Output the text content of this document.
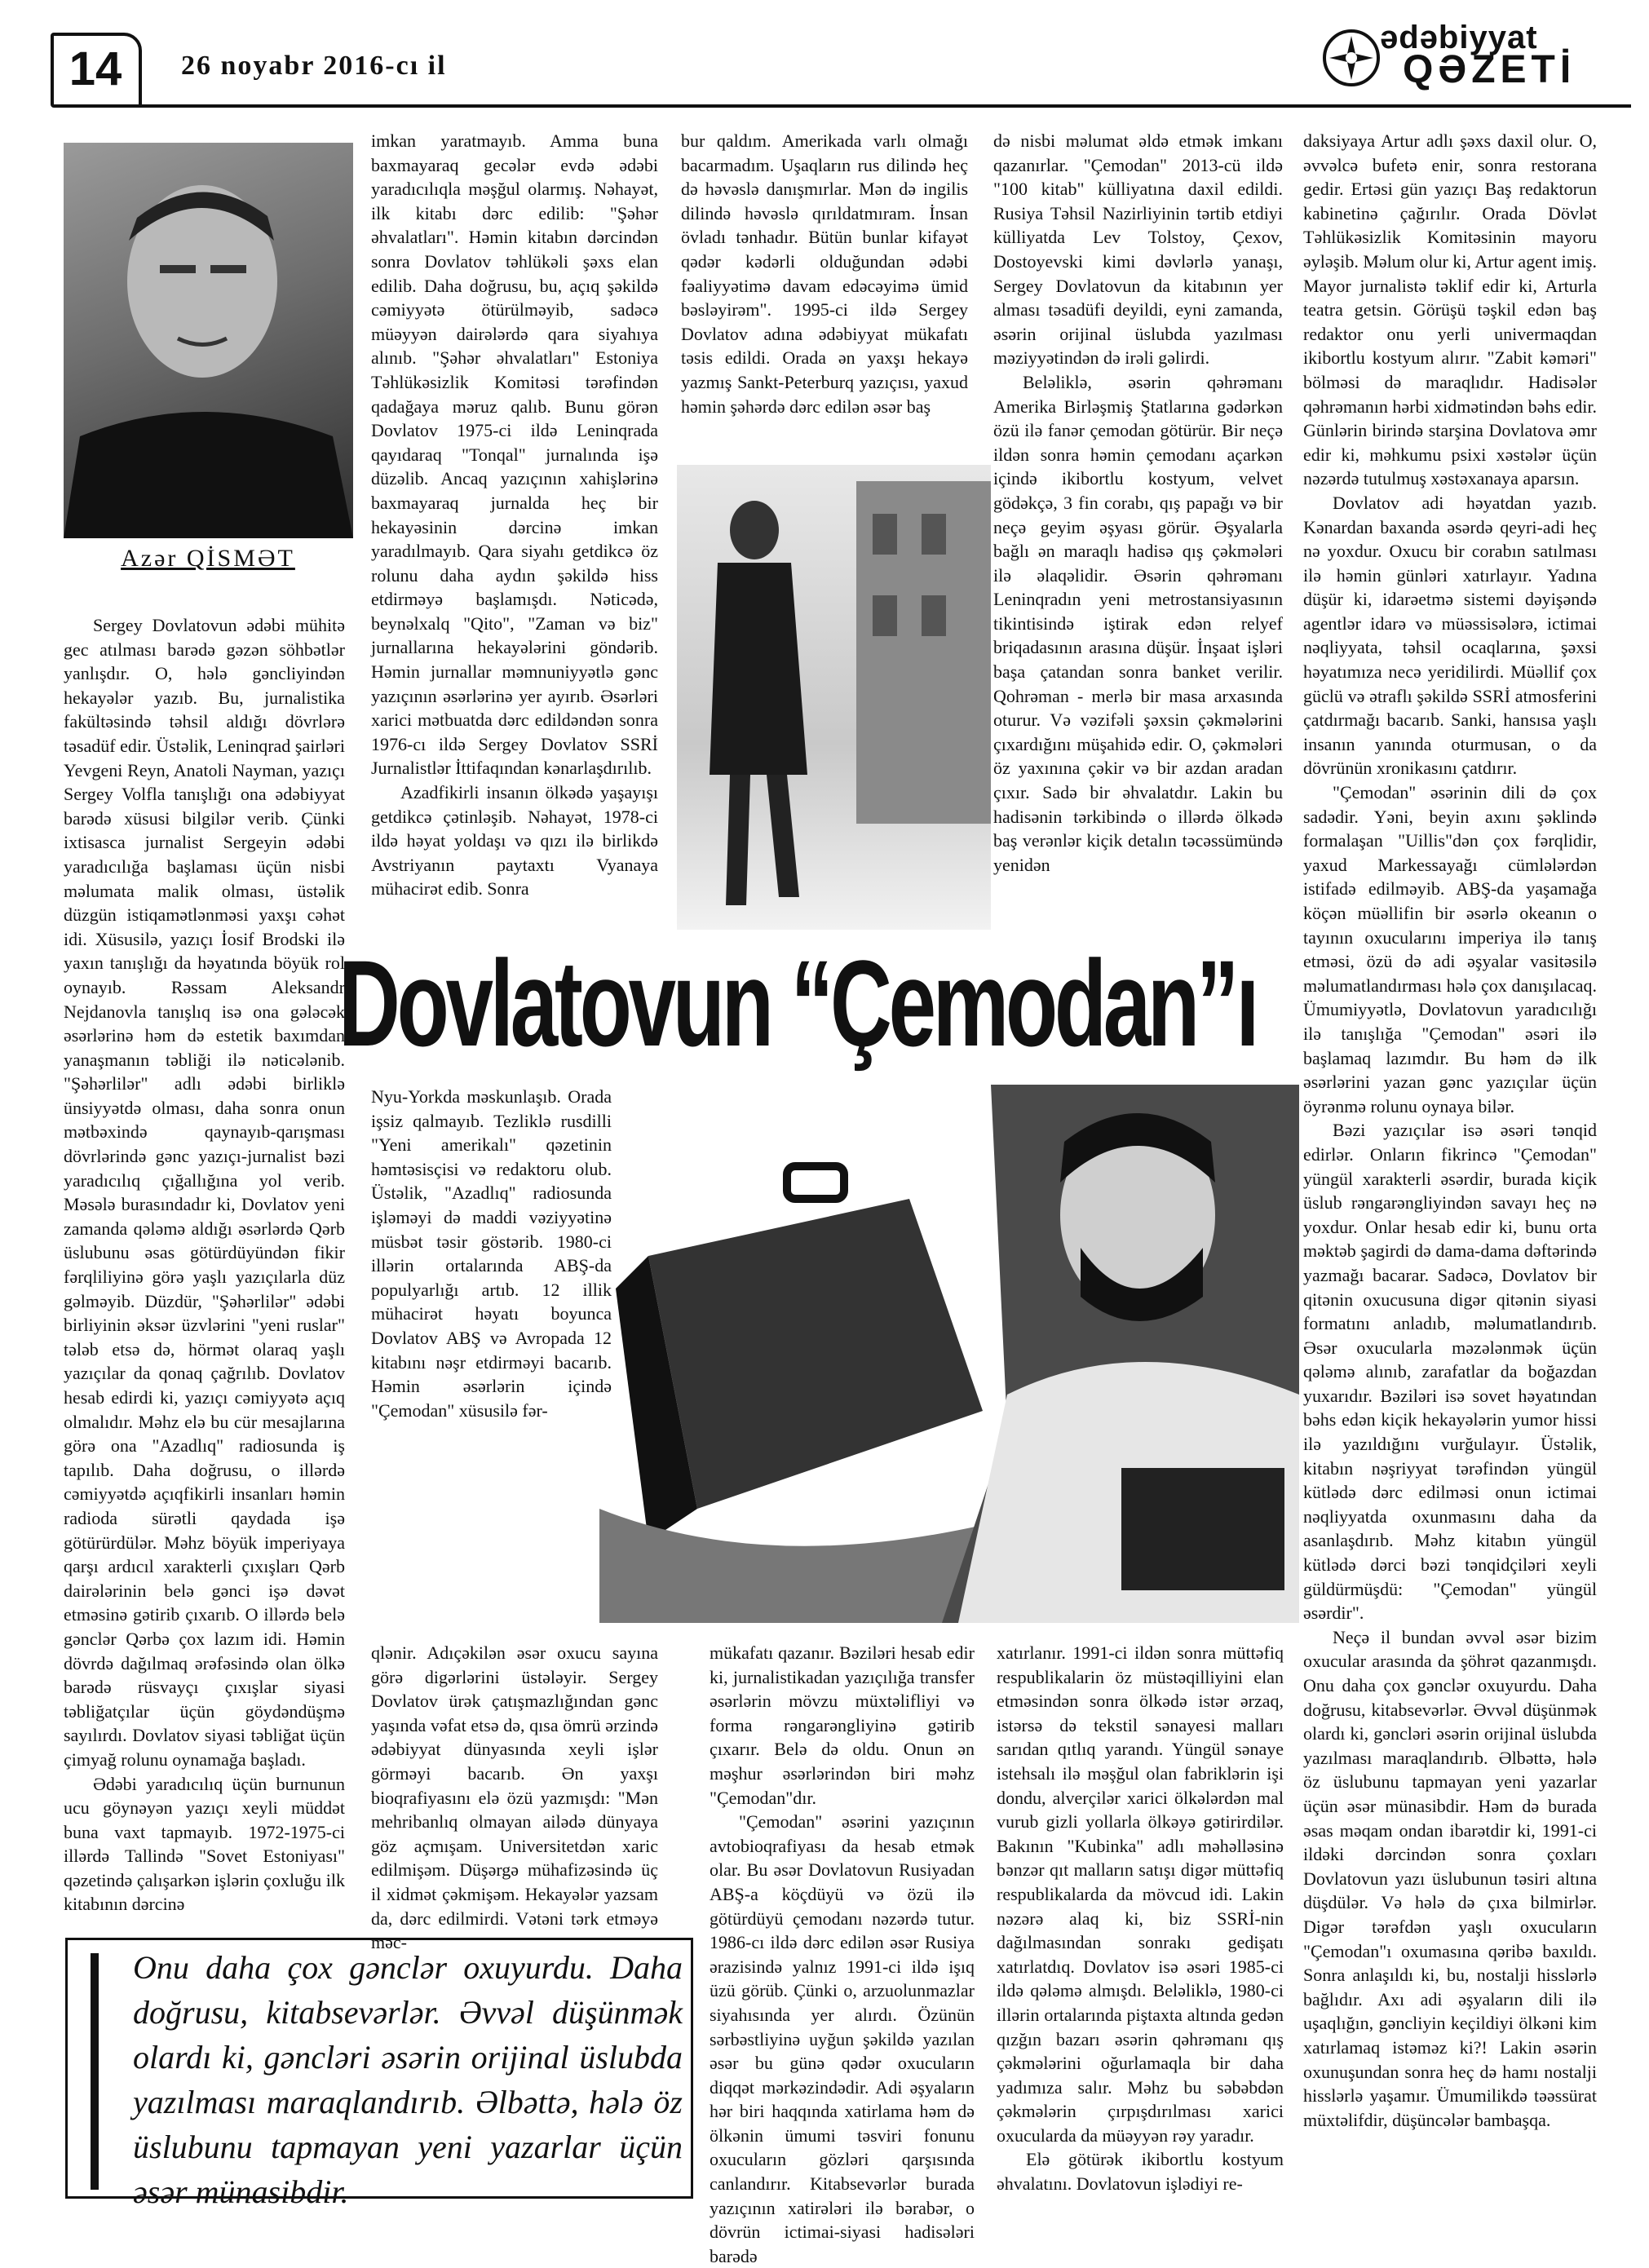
14	26 noyabr 2016-cı il
ədəbiyyat
QƏZETİ
Azər QİSMƏT
Dovlatovun “Çemodan”ı

Sergey Dovlatovun ədəbi mühitə gec atılması barədə gəzən söhbətlər yanlışdır. O, hələ gəncliyindən hekayələr yazıb. Bu, jurnalistika fakültəsində təhsil aldığı dövrlərə təsadüf edir. Üstəlik, Leninqrad şairləri Yevgeni Reyn, Anatoli Nayman, yazıçı Sergey Volfla tanışlığı ona ədəbiyyat barədə xüsusi bilgilər verib. Çünki ixtisasca jurnalist Sergeyin ədəbi yaradıcılığa başlaması üçün nisbi məlumata malik olması, üstəlik düzgün istiqamətlənməsi yaxşı cəhət idi. Xüsusilə, yazıçı İosif Brodski ilə yaxın tanışlığı da həyatında böyük rol oynayıb. Rəssam Aleksandr Nejdanovla tanışlıq isə ona gələcək əsərlərinə həm də estetik baxımdan yanaşmanın təbliği ilə nəticələnib. "Şəhərlilər" adlı ədəbi birliklə ünsiyyətdə olması, daha sonra onun mətbəxində qaynayıb-qarışması dövrlərində gənc yazıçı-jurnalist bəzi yaradıcılıq çığallığına yol verib. Məsələ burasındadır ki, Dovlatov yeni zamanda qələmə aldığı əsərlərdə Qərb üslubunu əsas götürdüyündən fikir fərqliliyinə görə yaşlı yazıçılarla düz gəlməyib. Düzdür, "Şəhərlilər" ədəbi birliyinin əksər üzvlərini "yeni ruslar" tələb etsə də, hörmət olaraq yaşlı yazıçılar da qonaq çağrılıb. Dovlatov hesab edirdi ki, yazıçı cəmiyyətə açıq olmalıdır. Məhz elə bu cür mesajlarına görə ona "Azadlıq" radiosunda iş tapılıb. Daha doğrusu, o illərdə cəmiyyətdə açıqfikirli insanları həmin radioda sürətli qaydada işə götürürdülər. Məhz böyük imperiyaya qarşı ardıcıl xarakterli çıxışları Qərb dairələrinin belə gənci işə dəvət etməsinə gətirib çıxarıb. O illərdə belə gənclər Qərbə çox lazım idi. Həmin dövrdə dağılmaq ərəfəsində olan ölkə barədə rüsvayçı çıxışlar siyasi təbliğatçılar üçün göydəndüşmə sayılırdı. Dovlatov siyasi təbliğat üçün çimyağ rolunu oynamağa başladı.

Ədəbi yaradıcılıq üçün burnunun ucu göynəyən yazıçı xeyli müddət buna vaxt tapmayıb. 1972-1975-ci illərdə Tallində "Sovet Estoniyası" qəzetində çalışarkən işlərin çoxluğu ilk kitabının dərcinə

imkan yaratmayıb. Amma buna baxmayaraq gecələr evdə ədəbi yaradıcılıqla məşğul olarmış. Nəhayət, ilk kitabı dərc edilib: "Şəhər əhvalatları". Həmin kitabın dərcindən sonra Dovlatov təhlükəli şəxs elan edilib. Daha doğrusu, bu, açıq şəkildə cəmiyyətə ötürülməyib, sadəcə müəyyən dairələrdə qara siyahıya alınıb. "Şəhər əhvalatları" Estoniya Təhlükəsizlik Komitəsi tərəfindən qadağaya məruz qalıb. Bunu görən Dovlatov 1975-ci ildə Leninqrada qayıdaraq "Tonqal" jurnalında işə düzəlib. Ancaq yazıçının xahişlərinə baxmayaraq jurnalda heç bir hekayəsinin dərcinə imkan yaradılmayıb. Qara siyahı getdikcə öz rolunu daha aydın şəkildə hiss etdirməyə başlamışdı. Nəticədə, beynəlxalq "Qito", "Zaman və biz" jurnallarına hekayələrini göndərib. Həmin jurnallar məmnuniyyətlə gənc yazıçının əsərlərinə yer ayırıb. Əsərləri xarici mətbuatda dərc edildəndən sonra 1976-cı ildə Sergey Dovlatov SSRİ Jurnalistlər İttifaqından kənarlaşdırılıb.

Azadfikirli insanın ölkədə yaşayışı getdikcə çətinləşib. Nəhayət, 1978-ci ildə həyat yoldaşı və qızı ilə birlikdə Avstriyanın paytaxtı Vyanaya mühacirət edib. Sonra

bur qaldım. Amerikada varlı olmağı bacarmadım. Uşaqların rus dilində heç də həvəslə danışmırlar. Mən də ingilis dilində həvəslə qırıldatmıram. İnsan övladı tənhadır. Bütün bunlar kifayət qədər kədərli olduğundan ədəbi fəaliyyətimə davam edəcəyimə ümid bəsləyirəm". 1995-ci ildə Sergey Dovlatov adına ədəbiyyat mükafatı təsis edildi. Orada ən yaxşı hekayə yazmış Sankt-Peterburq yazıçısı, yaxud həmin şəhərdə dərc edilən əsər baş

də nisbi məlumat əldə etmək imkanı qazanırlar. "Çemodan" 2013-cü ildə "100 kitab" külliyatına daxil edildi. Rusiya Təhsil Nazirliyinin tərtib etdiyi külliyatda Lev Tolstoy, Çexov, Dostoyevski kimi dəvlərlə yanaşı, Sergey Dovlatovun da kitabının yer alması təsadüfi deyildi, eyni zamanda, əsərin orijinal üslubda yazılması məziyyətindən də irəli gəlirdi.

Beləliklə, əsərin qəhrəmanı Amerika Birləşmiş Ştatlarına gədərkən özü ilə fanər çemodan götürür. Bir neçə ildən sonra həmin çemodanı açarkən içində ikibortlu kostyum, velvet gödəkçə, 3 fin corabı, qış papağı və bir neçə geyim əşyası görür. Əşyalarla bağlı ən maraqlı hadisə qış çəkmələri ilə əlaqəlidir. Əsərin qəhrəmanı Leninqradın yeni metrostansiyasının tikintisində iştirak edən relyef briqadasının arasına düşür. İnşaat işləri başa çatandan sonra banket verilir. Qohrəman - merlə bir masa arxasında oturur. Və vəzifəli şəxsin çəkmələrini çıxardığını müşahidə edir. O, çəkmələri öz yaxınına çəkir və bir azdan aradan çıxır. Sadə bir əhvalatdır. Lakin bu hadisənin tərkibində o illərdə ölkədə baş verənlər kiçik detalın təcəssümündə yenidən

daksiyaya Artur adlı şəxs daxil olur. O, əvvəlcə bufetə enir, sonra restorana gedir. Ertəsi gün yazıçı Baş redaktorun kabinetinə çağırılır. Orada Dövlət Təhlükəsizlik Komitəsinin mayoru əyləşib. Məlum olur ki, Artur agent imiş. Mayor jurnalistə təklif edir ki, Arturla teatra getsin. Görüşü təşkil edən baş redaktor onu yerli univermaqdan ikibortlu kostyum alırır. "Zabit kəməri" bölməsi də maraqlıdır. Hadisələr qəhrəmanın hərbi xidmətindən bəhs edir. Günlərin birində starşina Dovlatova əmr edir ki, məhkumu psixi xəstələr üçün nəzərdə tutulmuş xəstəxanaya aparsın.

Dovlatov adi həyatdan yazıb. Kənardan baxanda əsərdə qeyri-adi heç nə yoxdur. Oxucu bir corabın satılması ilə həmin günləri xatırlayır. Yadına düşür ki, idarəetmə sistemi dəyişəndə agentlər idarə və müəssisələrə, ictimai nəqliyyata, təhsil ocaqlarına, şəxsi həyatımıza necə yeridilirdi. Müəllif çox güclü və ətraflı şəkildə SSRİ atmosferini çatdırmağı bacarıb. Sanki, hansısa yaşlı insanın yanında oturmusan, o da dövrünün xronikasını çatdırır.

"Çemodan" əsərinin dili də çox sadədir. Yəni, beyin axını şəklində formalaşan "Uillis"dən çox fərqlidir, yaxud Markessayağı cümlələrdən istifadə edilməyib. ABŞ-da yaşamağa köçən müəllifin bir əsərlə okeanın o tayının oxucularını imperiya ilə tanış etməsi, özü də adi əşyalar vasitəsilə məlumatlandırması hələ çox danışılacaq. Ümumiyyətlə, Dovlatovun yaradıcılığı ilə tanışlığa "Çemodan" əsəri ilə başlamaq lazımdır. Bu həm də ilk əsərlərini yazan gənc yazıçılar üçün öyrənmə rolunu oynaya bilər.

Bəzi yazıçılar isə əsəri tənqid edirlər. Onların fikrincə "Çemodan" yüngül xarakterli əsərdir, burada kiçik üslub rəngarəngliyindən savayı heç nə yoxdur. Onlar hesab edir ki, bunu orta məktəb şagirdi də dama-dama dəftərində yazmağı bacarar. Sadəcə, Dovlatov bir qitənin oxucusuna digər qitənin siyasi formatını anladıb, məlumatlandırıb. Əsər oxucularla məzələnmək üçün qələmə alınıb, zarafatlar da boğazdan yuxarıdır. Bəziləri isə sovet həyatından bəhs edən kiçik hekayələrin yumor hissi ilə yazıldığını vurğulayır. Üstəlik, kitabın nəşriyyat tərəfindən yüngül kütlədə dərc edilməsi onun ictimai nəqliyyatda oxunmasını daha da asanlaşdırıb. Məhz kitabın yüngül kütlədə dərci bəzi tənqidçiləri xeyli güldürmüşdü: "Çemodan" yüngül əsərdir".

Neçə il bundan əvvəl əsər bizim oxucular arasında da şöhrət qazanmışdı. Onu daha çox gənclər oxuyurdu. Daha doğrusu, kitabsevərlər. Əvvəl düşünmək olardı ki, gəncləri əsərin orijinal üslubda yazılması maraqlandırıb. Əlbəttə, hələ öz üslubunu tapmayan yeni yazarlar üçün əsər münasibdir. Həm də burada əsas məqam ondan ibarətdir ki, 1991-ci ildəki dərcindən sonra çoxları Dovlatovun yazı üslubunun təsiri altına düşdülər. Və hələ də çıxa bilmirlər. Digər tərəfdən yaşlı oxucuların "Çemodan"ı oxumasına qəribə baxıldı. Sonra anlaşıldı ki, bu, nostalji hisslərlə bağlıdır. Axı adi əşyaların dili ilə uşaqlığın, gəncliyin keçildiyi ölkəni kim xatırlamaq istəməz ki?! Lakin əsərin oxunuşundan sonra heç də hamı nostalji hisslərlə yaşamır. Ümumilikdə təəssürat müxtəlifdir, düşüncələr bambaşqa.

Nyu-Yorkda məskunlaşıb. Orada işsiz qalmayıb. Tezliklə rusdilli "Yeni amerikalı" qəzetinin həmtəsisçisi və redaktoru olub. Üstəlik, "Azadlıq" radiosunda işləməyi də maddi vəziyyətinə müsbət təsir göstərib. 1980-ci illərin ortalarında ABŞ-da populyarlığı artıb. 12 illik mühacirət həyatı boyunca Dovlatov ABŞ və Avropada 12 kitabını nəşr etdirməyi bacarıb. Həmin əsərlərin içində "Çemodan" xüsusilə fər-

qlənir. Adıçəkilən əsər oxucu sayına görə digərlərini üstələyir. Sergey Dovlatov ürək çatışmazlığından gənc yaşında vəfat etsə də, qısa ömrü ərzində ədəbiyyat dünyasında xeyli işlər görməyi bacarıb. Ən yaxşı bioqrafiyasını elə özü yazmışdı: "Mən mehribanlıq olmayan ailədə dünyaya göz açmışam. Universitetdən xaric edilmişəm. Düşərgə mühafizəsində üç il xidmət çəkmişəm. Hekayələr yazsam da, dərc edilmirdi. Vətəni tərk etməyə məc-

mükafatı qazanır. Bəziləri hesab edir ki, jurnalistikadan yazıçılığa transfer əsərlərin mövzu müxtəlifliyi və forma rəngarəngliyinə gətirib çıxarır. Belə də oldu. Onun ən məşhur əsərlərindən biri məhz "Çemodan"dır.

"Çemodan" əsərini yazıçının avtobioqrafiyası da hesab etmək olar. Bu əsər Dovlatovun Rusiyadan ABŞ-a köçdüyü və özü ilə götürdüyü çemodanı nəzərdə tutur. 1986-cı ildə dərc edilən əsər Rusiya ərazisində yalnız 1991-ci ildə işıq üzü görüb. Çünki o, arzuolunmazlar siyahısında yer alırdı. Özünün sərbəstliyinə uyğun şəkildə yazılan əsər bu günə qədər oxucuların diqqət mərkəzindədir. Adi əşyaların hər biri haqqında xatirlama həm də ölkənin ümumi təsviri fonunu oxucuların gözləri qarşısında canlandırır. Kitabsevərlər burada yazıçının xatirələri ilə bərabər, o dövrün ictimai-siyasi hadisələri barədə

xatırlanır. 1991-ci ildən sonra müttəfiq respublikalarin öz müstəqilliyini elan etməsindən sonra ölkədə istər ərzaq, istərsə də tekstil sənayesi malları sarıdan qıtlıq yarandı. Yüngül sənaye istehsalı ilə məşğul olan fabriklərin işi dondu, alverçilər xarici ölkələrdən mal vurub gizli yollarla ölkəyə gətirirdilər. Bakının "Kubinka" adlı məhəlləsinə bənzər qıt malların satışı digər müttəfiq respublikalarda da mövcud idi. Lakin nəzərə alaq ki, biz SSRİ-nin dağılmasından sonrakı gedişatı xatırlatdıq. Dovlatov isə əsəri 1985-ci ildə qələmə almışdı. Beləliklə, 1980-ci illərin ortalarında piştaxta altında gedən qızğın bazarı əsərin qəhrəmanı qış çəkmələrini oğurlamaqla bir daha yadımıza salır. Məhz bu səbəbdən çəkmələrin çırpışdırılması xarici oxucularda da müəyyən rəy yaradır.

Elə götürək ikibortlu kostyum əhvalatını. Dovlatovun işlədiyi re-

Onu daha çox gənclər oxuyurdu. Daha doğrusu, kitabsevərlər. Əvvəl düşünmək olardı ki, gəncləri əsərin orijinal üslubda yazılması maraqlandırıb. Əlbəttə, hələ öz üslubunu tapmayan yeni yazarlar üçün əsər münasibdir.
